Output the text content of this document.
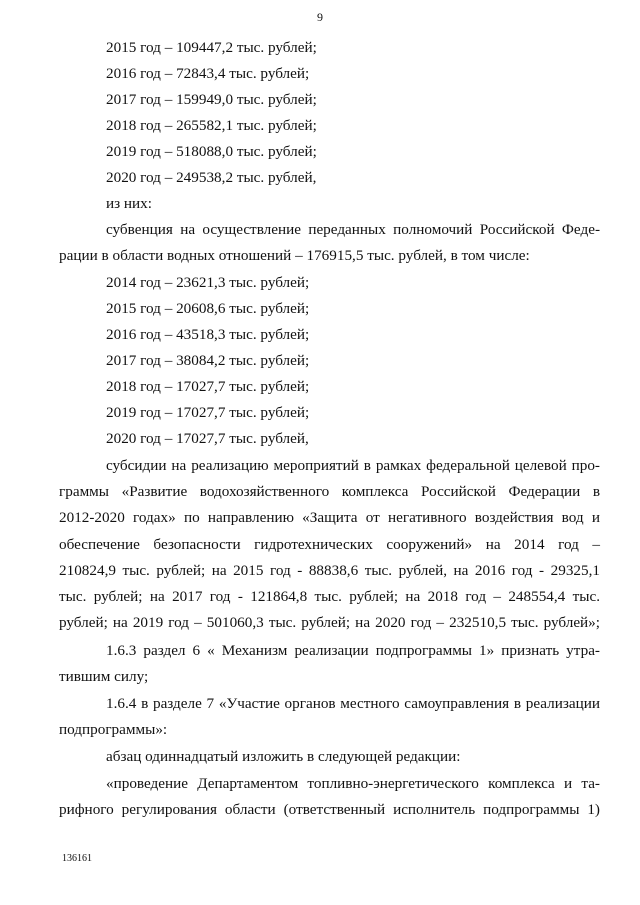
9
2015 год – 109447,2 тыс. рублей;
2016 год – 72843,4 тыс. рублей;
2017 год – 159949,0 тыс. рублей;
2018 год – 265582,1 тыс. рублей;
2019 год – 518088,0 тыс. рублей;
2020 год – 249538,2 тыс. рублей,
из них:
субвенция на осуществление переданных полномочий Российской Феде-
рации в области водных отношений – 176915,5 тыс. рублей, в том числе:
2014 год – 23621,3 тыс. рублей;
2015 год – 20608,6 тыс. рублей;
2016 год – 43518,3 тыс. рублей;
2017 год – 38084,2 тыс. рублей;
2018 год – 17027,7 тыс. рублей;
2019 год – 17027,7 тыс. рублей;
2020 год – 17027,7 тыс. рублей,
субсидии на реализацию мероприятий в рамках федеральной целевой про-
граммы «Развитие водохозяйственного комплекса Российской Федерации в
2012-2020 годах» по направлению «Защита от негативного воздействия вод и
обеспечение безопасности гидротехнических сооружений» на 2014 год –
210824,9 тыс. рублей; на 2015 год - 88838,6 тыс. рублей, на 2016 год - 29325,1
тыс. рублей; на 2017 год - 121864,8 тыс. рублей; на 2018 год – 248554,4 тыс.
рублей; на 2019 год – 501060,3 тыс. рублей; на 2020 год – 232510,5 тыс. рублей»;
1.6.3 раздел 6 « Механизм реализации подпрограммы 1» признать утра-
тившим силу;
1.6.4 в разделе 7 «Участие органов местного самоуправления в реализации
подпрограммы»:
абзац одиннадцатый изложить в следующей редакции:
«проведение Департаментом топливно-энергетического комплекса и та-
рифного регулирования области (ответственный исполнитель подпрограммы 1)
136161
